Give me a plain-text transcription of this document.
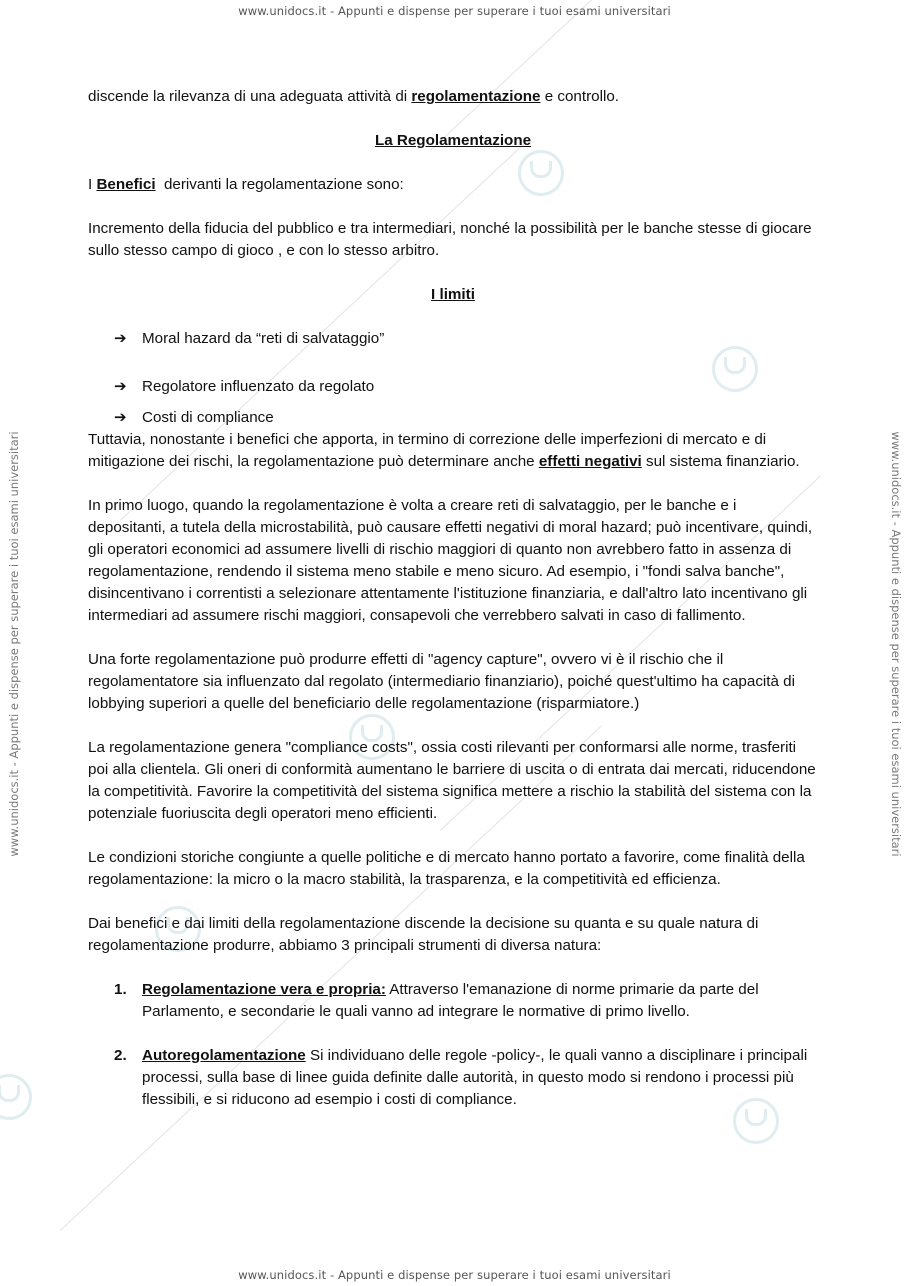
www.unidocs.it - Appunti e dispense per superare i tuoi esami universitari
www.unidocs.it - Appunti e dispense per superare i tuoi esami universitari	www.unidocs.it - Appunti e dispense per superare i tuoi esami universitari

discende la rilevanza di una adeguata attività di regolamentazione e controllo.

La Regolamentazione

I Benefici  derivanti la regolamentazione sono:

Incremento della fiducia del pubblico e tra intermediari, nonché la possibilità per le banche stesse di giocare sullo stesso campo di gioco , e con lo stesso arbitro.

I limiti

➔ Moral hazard da “reti di salvataggio”
➔ Regolatore influenzato da regolato
➔ Costi di compliance

Tuttavia, nonostante i benefici che apporta, in termino di correzione delle imperfezioni di mercato e di mitigazione dei rischi, la regolamentazione può determinare anche effetti negativi sul sistema finanziario.

In primo luogo, quando la regolamentazione è volta a creare reti di salvataggio, per le banche e i depositanti, a tutela della microstabilità, può causare effetti negativi di moral hazard; può incentivare, quindi, gli operatori economici ad assumere livelli di rischio maggiori di quanto non avrebbero fatto in assenza di regolamentazione, rendendo il sistema meno stabile e meno sicuro. Ad esempio, i "fondi salva banche", disincentivano i correntisti a selezionare attentamente l'istituzione finanziaria, e dall'altro lato incentivano gli intermediari ad assumere rischi maggiori, consapevoli che verrebbero salvati in caso di fallimento.

Una forte regolamentazione può produrre effetti di "agency capture", ovvero vi è il rischio che il regolamentatore sia influenzato dal regolato (intermediario finanziario), poiché quest'ultimo ha capacità di lobbying superiori a quelle del beneficiario delle regolamentazione (risparmiatore.)

La regolamentazione genera "compliance costs", ossia costi rilevanti per conformarsi alle norme, trasferiti poi alla clientela. Gli oneri di conformità aumentano le barriere di uscita o di entrata dai mercati, riducendone la competitività. Favorire la competitività del sistema significa mettere a rischio la stabilità del sistema con la potenziale fuoriuscita degli operatori meno efficienti.

Le condizioni storiche congiunte a quelle politiche e di mercato hanno portato a favorire, come finalità della regolamentazione: la micro o la macro stabilità, la trasparenza, e la competitività ed efficienza.

Dai benefici e dai limiti della regolamentazione discende la decisione su quanta e su quale natura di regolamentazione produrre, abbiamo 3 principali strumenti di diversa natura:

1. Regolamentazione vera e propria: Attraverso l'emanazione di norme primarie da parte del Parlamento, e secondarie le quali vanno ad integrare le normative di primo livello.
2. Autoregolamentazione Si individuano delle regole -policy-, le quali vanno a disciplinare i principali processi, sulla base di linee guida definite dalle autorità, in questo modo si rendono i processi più flessibili, e si riducono ad esempio i costi di compliance.
www.unidocs.it - Appunti e dispense per superare i tuoi esami universitari
